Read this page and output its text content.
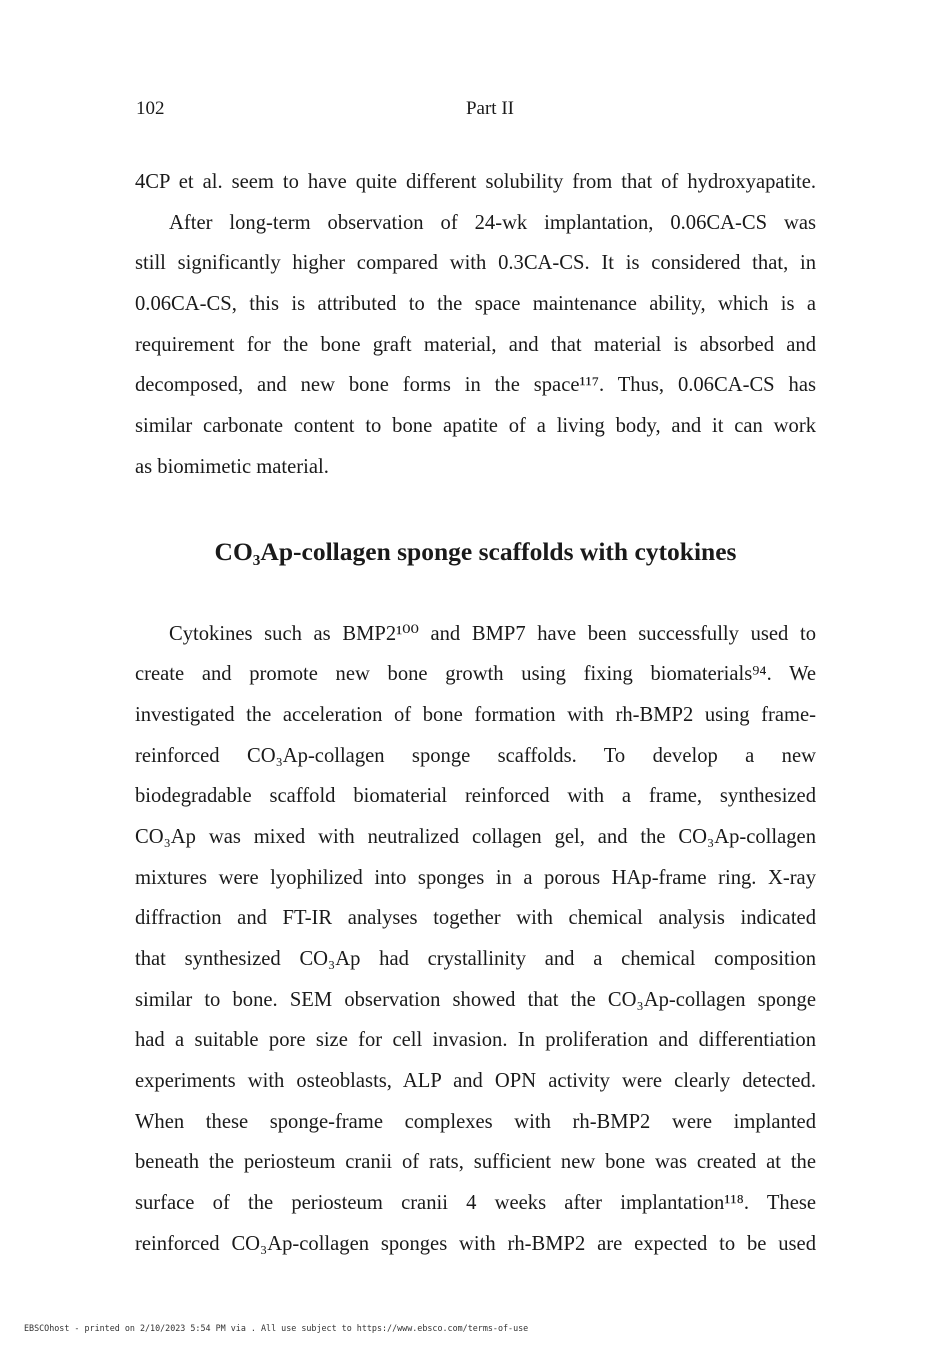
102	Part II
4CP et al. seem to have quite different solubility from that of hydroxyapatite.
After long-term observation of 24-wk implantation, 0.06CA-CS was
still significantly higher compared with 0.3CA-CS. It is considered that, in
0.06CA-CS, this is attributed to the space maintenance ability, which is a
requirement for the bone graft material, and that material is absorbed and
decomposed, and new bone forms in the space¹¹⁷. Thus, 0.06CA-CS has
similar carbonate content to bone apatite of a living body, and it can work
as biomimetic material.
CO₃Ap-collagen sponge scaffolds with cytokines
Cytokines such as BMP2¹⁰⁰ and BMP7 have been successfully used to
create and promote new bone growth using fixing biomaterials⁹⁴. We
investigated the acceleration of bone formation with rh-BMP2 using frame-
reinforced CO₃Ap-collagen sponge scaffolds. To develop a new
biodegradable scaffold biomaterial reinforced with a frame, synthesized
CO₃Ap was mixed with neutralized collagen gel, and the CO₃Ap-collagen
mixtures were lyophilized into sponges in a porous HAp-frame ring. X-ray
diffraction and FT-IR analyses together with chemical analysis indicated
that synthesized CO₃Ap had crystallinity and a chemical composition
similar to bone. SEM observation showed that the CO₃Ap-collagen sponge
had a suitable pore size for cell invasion. In proliferation and differentiation
experiments with osteoblasts, ALP and OPN activity were clearly detected.
When these sponge-frame complexes with rh-BMP2 were implanted
beneath the periosteum cranii of rats, sufficient new bone was created at the
surface of the periosteum cranii 4 weeks after implantation¹¹⁸. These
reinforced CO₃Ap-collagen sponges with rh-BMP2 are expected to be used
EBSCOhost - printed on 2/10/2023 5:54 PM via . All use subject to https://www.ebsco.com/terms-of-use
